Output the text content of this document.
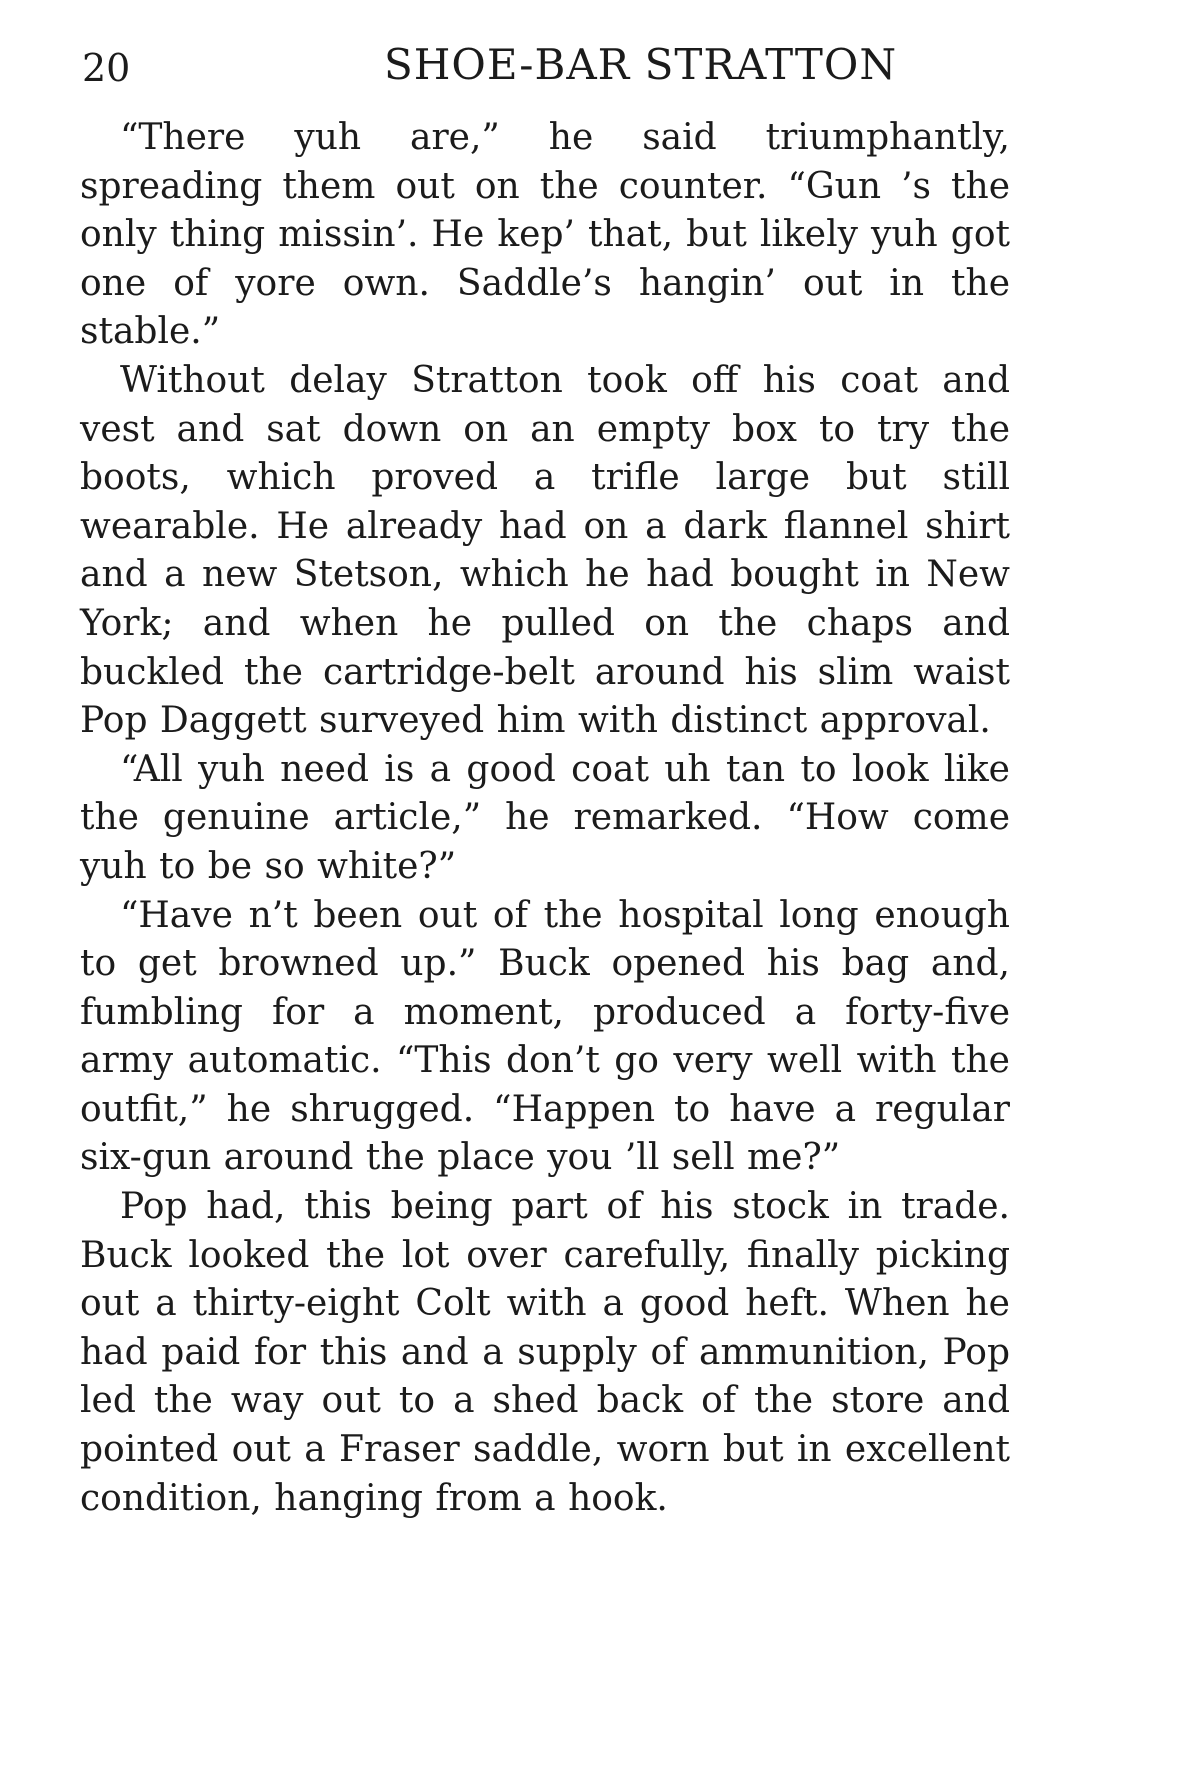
20	SHOE-BAR STRATTON

“There yuh are,” he said triumphantly, spreading them out on the counter. “Gun ’s the only thing missin’. He kep’ that, but likely yuh got one of yore own. Saddle’s hangin’ out in the stable.”

Without delay Stratton took off his coat and vest and sat down on an empty box to try the boots, which proved a trifle large but still wearable. He already had on a dark flannel shirt and a new Stetson, which he had bought in New York; and when he pulled on the chaps and buckled the cartridge-belt around his slim waist Pop Daggett surveyed him with distinct approval.

“All yuh need is a good coat uh tan to look like the genuine article,” he remarked. “How come yuh to be so white?”

“Have n’t been out of the hospital long enough to get browned up.” Buck opened his bag and, fumbling for a moment, produced a forty-five army automatic. “This don’t go very well with the outfit,” he shrugged. “Happen to have a regular six-gun around the place you ’ll sell me?”

Pop had, this being part of his stock in trade. Buck looked the lot over carefully, finally picking out a thirty-eight Colt with a good heft. When he had paid for this and a supply of ammunition, Pop led the way out to a shed back of the store and pointed out a Fraser saddle, worn but in excellent condition, hanging from a hook.
